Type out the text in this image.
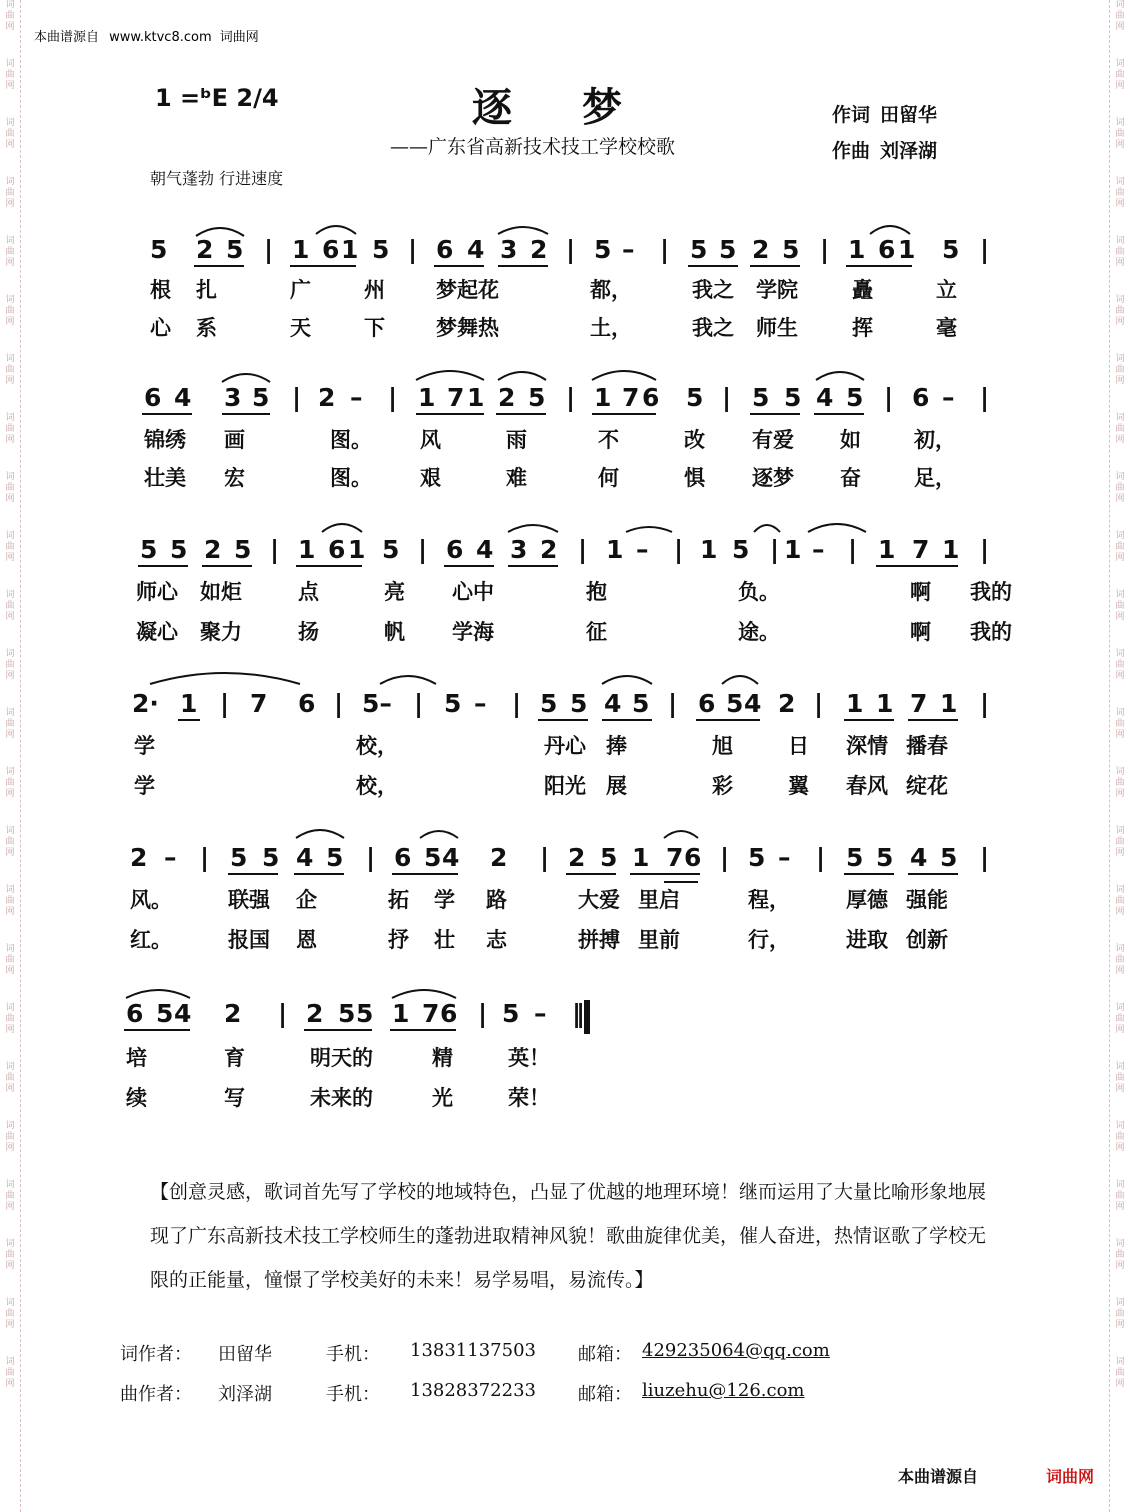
词
曲
网
词
曲
网
词
曲
网
词
曲
网
词
曲
网
词
曲
网
词
曲
网
词
曲
网
词
曲
网
词
曲
网
词
曲
网
词
曲
网
词
曲
网
词
曲
网
词
曲
网
词
曲
网
词
曲
网
词
曲
网
词
曲
网
词
曲
网
词
曲
网
词
曲
网
词
曲
网
词
曲
网
词
曲
网
词
曲
网
词
曲
网
词
曲
网
词
曲
网
词
曲
网
词
曲
网
词
曲
网
词
曲
网
词
曲
网
词
曲
网
词
曲
网
词
曲
网
词
曲
网
词
曲
网
词
曲
网
词
曲
网
词
曲
网
词
曲
网
词
曲
网
词
曲
网
词
曲
网
词
曲
网
词
曲
网
本曲谱源自 www.ktvc8.com 词曲网
1 =ᵇE 2/4	逐梦
——广东省高新技术技工学校校歌
作词 田留华
作曲 刘泽湖
朝气蓬勃 行进速度
5 2 5 | 1 6 1 5 | 6 4 3 2 | 5 – | 5 5 2 5 | 1 6 1 5 |
根 扎	广	州 梦起花	都，	我之 学院	矗	立
心 系	天	下 梦舞热	土，	我之 师生	挥	毫
6 4 3 5 | 2 – | 1 7 1 2 5 | 1 7 6 5 | 5 5 4 5 | 6 – |
锦绣 画	图。 风	雨	不	改 有爱 如	初，
壮美 宏	图。 艰	难	何	惧 逐梦 奋	足，
5 5 2 5 | 1 6 1 5 | 6 4 3 2 | 1 – | 1 5 | 1 – | 1 7 1 |
师心 如炬	点	亮 心中	抱	负。	啊 我的
凝心 聚力	扬	帆 学海	征	途。	啊 我的
2· 1 | 7 6 | 5– | 5 – | 5 5 4 5 | 6 5 4 2 | 1 1 7 1 |
学	校，	丹心 捧	旭	日 深情 播春
学	校，	阳光 展	彩	翼 春风 绽花
2 – | 5 5 4 5 | 6 5 4 2 | 2 5 1 7 6 | 5 – | 5 5 4 5 |
风。	联强 企	拓 学 路	大爱 里启	程，	厚德 强能
红。	报国 恩	抒 壮 志	拼搏 里前	行，	进取 创新
6 5 4 2 | 2 5 5 1 7 6 | 5 – ‖
培	育	明天的	精	英！
续	写	未来的	光	荣！
【创意灵感，歌词首先写了学校的地域特色，凸显了优越的地理环境！继而运用了大量比喻形象地展现了广东高新技术技工学校师生的蓬勃进取精神风貌！歌曲旋律优美，催人奋进，热情讴歌了学校无限的正能量，憧憬了学校美好的未来！易学易唱，易流传。】
词作者： 田留华	手机： 13831137503 邮箱： 429235064@qq.com
曲作者： 刘泽湖	手机： 13828372233 邮箱： liuzehu@126.com
本曲谱源自	词曲网
